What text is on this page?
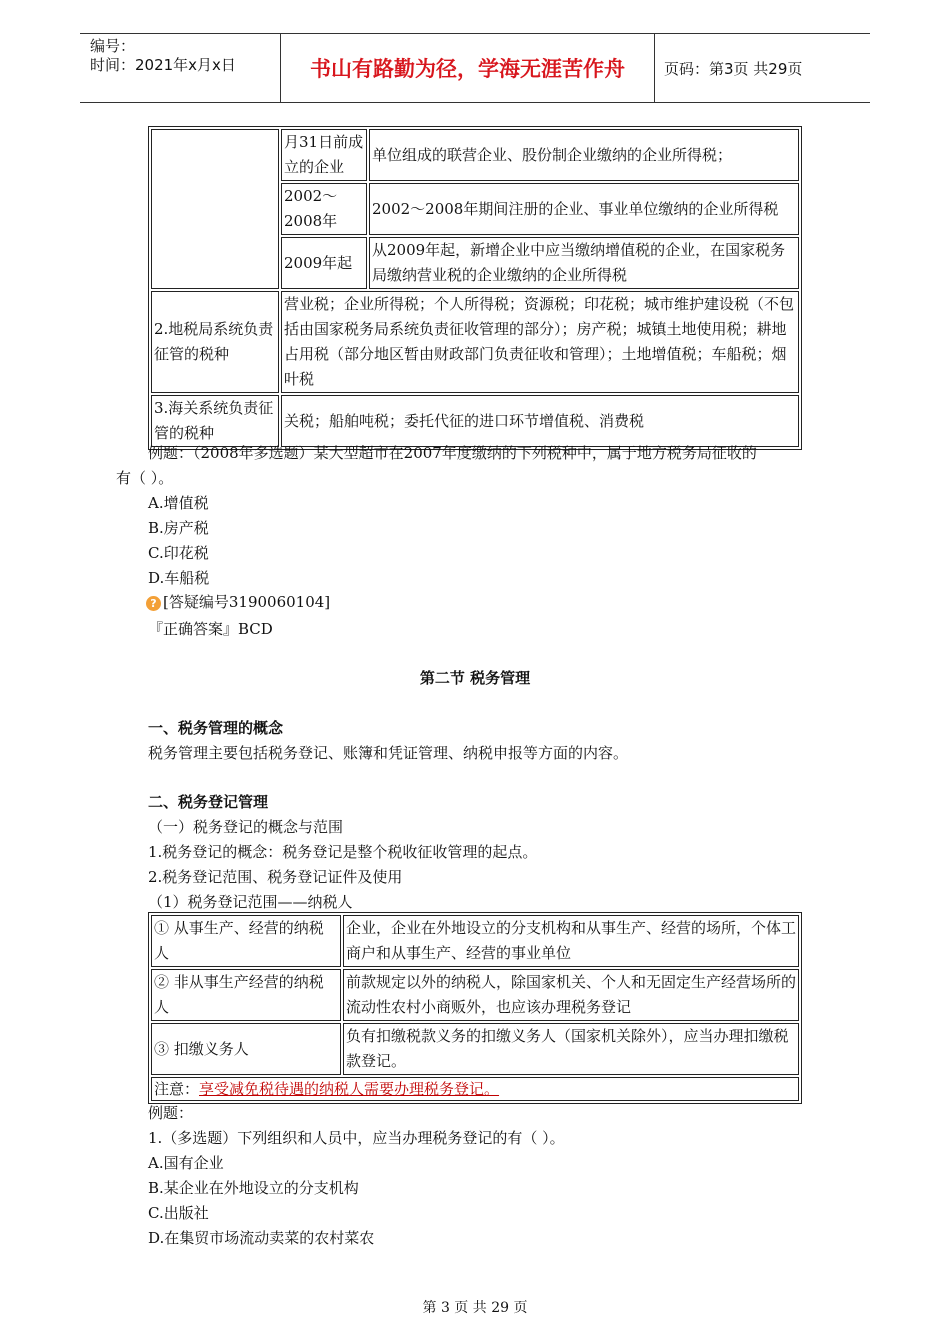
编号：
时间：2021年x月x日	书山有路勤为径，学海无涯苦作舟	页码：第3页 共29页
	月31日前成立的企业	单位组成的联营企业、股份制企业缴纳的企业所得税；
	2002～2008年	2002～2008年期间注册的企业、事业单位缴纳的企业所得税
	2009年起	从2009年起，新增企业中应当缴纳增值税的企业，在国家税务局缴纳营业税的企业缴纳的企业所得税
2.地税局系统负责征管的税种	营业税；企业所得税；个人所得税；资源税；印花税；城市维护建设税（不包括由国家税务局系统负责征收管理的部分）；房产税；城镇土地使用税；耕地占用税（部分地区暂由财政部门负责征收和管理）；土地增值税；车船税；烟叶税	
3.海关系统负责征管的税种	关税；船舶吨税；委托代征的进口环节增值税、消费税	
例题：（2008年多选题）某大型超市在2007年度缴纳的下列税种中，属于地方税务局征收的
有（ ）。
A.增值税
B.房产税
C.印花税
D.车船税
? [答疑编号3190060104]
『正确答案』BCD
第二节 税务管理
一、税务管理的概念
税务管理主要包括税务登记、账簿和凭证管理、纳税申报等方面的内容。
二、税务登记管理
（一）税务登记的概念与范围
1.税务登记的概念：税务登记是整个税收征收管理的起点。
2.税务登记范围、税务登记证件及使用
（1）税务登记范围——纳税人
① 从事生产、经营的纳税人	企业，企业在外地设立的分支机构和从事生产、经营的场所，个体工商户和从事生产、经营的事业单位
② 非从事生产经营的纳税人	前款规定以外的纳税人，除国家机关、个人和无固定生产经营场所的流动性农村小商贩外，也应该办理税务登记
③ 扣缴义务人	负有扣缴税款义务的扣缴义务人（国家机关除外），应当办理扣缴税款登记。
注意：享受减免税待遇的纳税人需要办理税务登记。	
例题：
1.（多选题）下列组织和人员中，应当办理税务登记的有（ ）。
A.国有企业
B.某企业在外地设立的分支机构
C.出版社
D.在集贸市场流动卖菜的农村菜农
第 3 页 共 29 页
